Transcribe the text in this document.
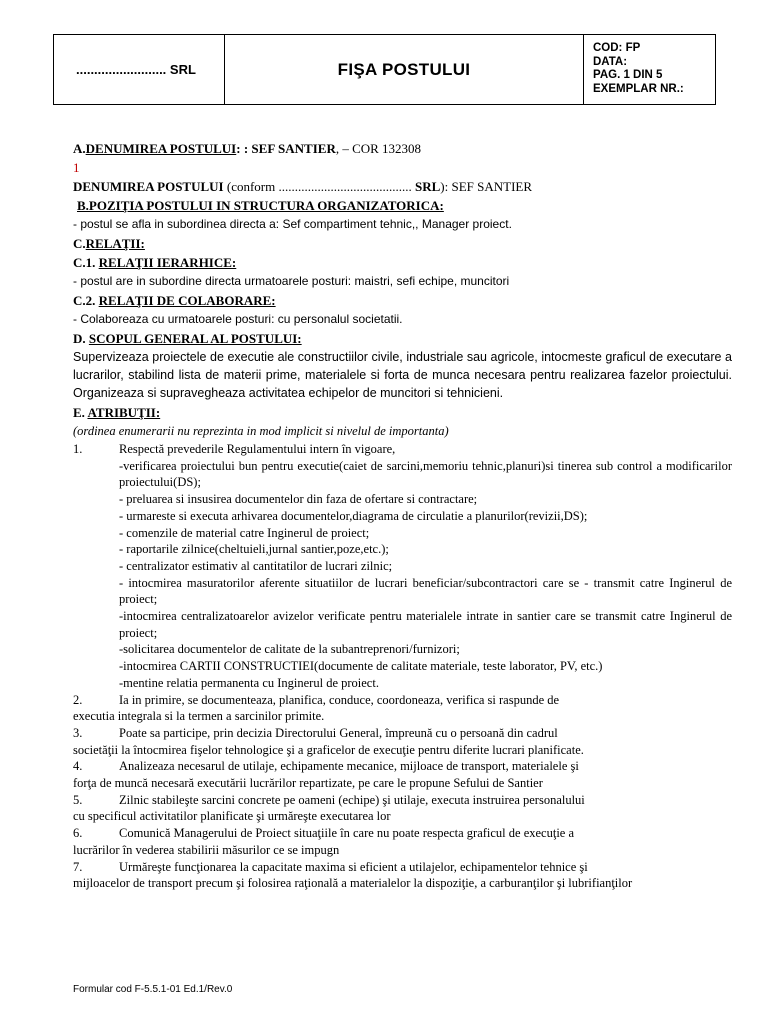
......................... SRL	FIŞA POSTULUI
COD: FP
DATA:
PAG. 1 DIN 5
EXEMPLAR NR.:
A.DENUMIREA POSTULUI: : SEF SANTIER, – COR 132308
1
DENUMIREA POSTULUI (conform ......................................... SRL): SEF SANTIER
B.POZIŢIA POSTULUI IN STRUCTURA ORGANIZATORICA:
- postul se afla in subordinea directa a: Sef compartiment tehnic,, Manager proiect.
C.RELAŢII:
C.1. RELAŢII IERARHICE:
- postul are in subordine directa urmatoarele posturi: maistri, sefi echipe, muncitori
C.2. RELAŢII DE COLABORARE:
- Colaboreaza cu urmatoarele posturi: cu personalul societatii.
D. SCOPUL GENERAL AL POSTULUI:
Supervizeaza proiectele de executie ale constructiilor civile, industriale sau agricole, intocmeste graficul de executare a lucrarilor, stabilind lista de materii prime, materialele si forta de munca necesara pentru realizarea fazelor proiectului. Organizeaza si supravegheaza activitatea echipelor de muncitori si tehnicieni.
E. ATRIBUŢII:
(ordinea enumerarii nu reprezinta in mod implicit si nivelul de importanta)
1.	Respectă prevederile Regulamentului intern în vigoare,
-verificarea proiectului bun pentru executie(caiet de sarcini,memoriu tehnic,planuri)si tinerea sub control a modificarilor proiectului(DS);
- preluarea si insusirea documentelor din faza de ofertare si contractare;
- urmareste si executa arhivarea documentelor,diagrama de circulatie a planurilor(revizii,DS);
- comenzile de material catre Inginerul de proiect;
- raportarile zilnice(cheltuieli,jurnal santier,poze,etc.);
- centralizator estimativ al cantitatilor de lucrari zilnic;
- intocmirea masuratorilor aferente situatiilor de lucrari beneficiar/subcontractori care se - transmit catre Inginerul de proiect;
-intocmirea centralizatoarelor avizelor verificate pentru materialele intrate in santier care se transmit catre Inginerul de proiect;
-solicitarea documentelor de calitate de la subantreprenori/furnizori;
-intocmirea CARTII CONSTRUCTIEI(documente de calitate materiale, teste laborator, PV, etc.)
-mentine relatia permanenta cu Inginerul de proiect.
2.	Ia in primire, se documenteaza, planifica, conduce, coordoneaza, verifica si raspunde de
executia integrala si la termen a sarcinilor primite.
3.	Poate sa participe, prin decizia Directorului General, împreună cu o persoană din cadrul
societăţii la întocmirea fişelor tehnologice şi a graficelor de execuţie pentru diferite lucrari planificate.
4.	Analizeaza necesarul de utilaje, echipamente mecanice, mijloace de transport, materialele şi
forţa de muncă necesară executării lucrărilor repartizate, pe care le propune Sefului de Santier
5.	Zilnic stabileşte sarcini concrete pe oameni (echipe) şi utilaje, executa instruirea personalului
cu specificul activitatilor planificate şi urmăreşte executarea lor
6.	Comunică Managerului de Proiect situaţiile în care nu poate respecta graficul de execuţie a
lucrărilor în vederea stabilirii măsurilor ce se impugn
7.	Urmăreşte funcţionarea la capacitate maxima si eficient a utilajelor, echipamentelor tehnice şi
mijloacelor de transport precum şi folosirea raţională a materialelor la dispoziţie, a carburanţilor şi lubrifianţilor
Formular cod F-5.5.1-01 Ed.1/Rev.0
